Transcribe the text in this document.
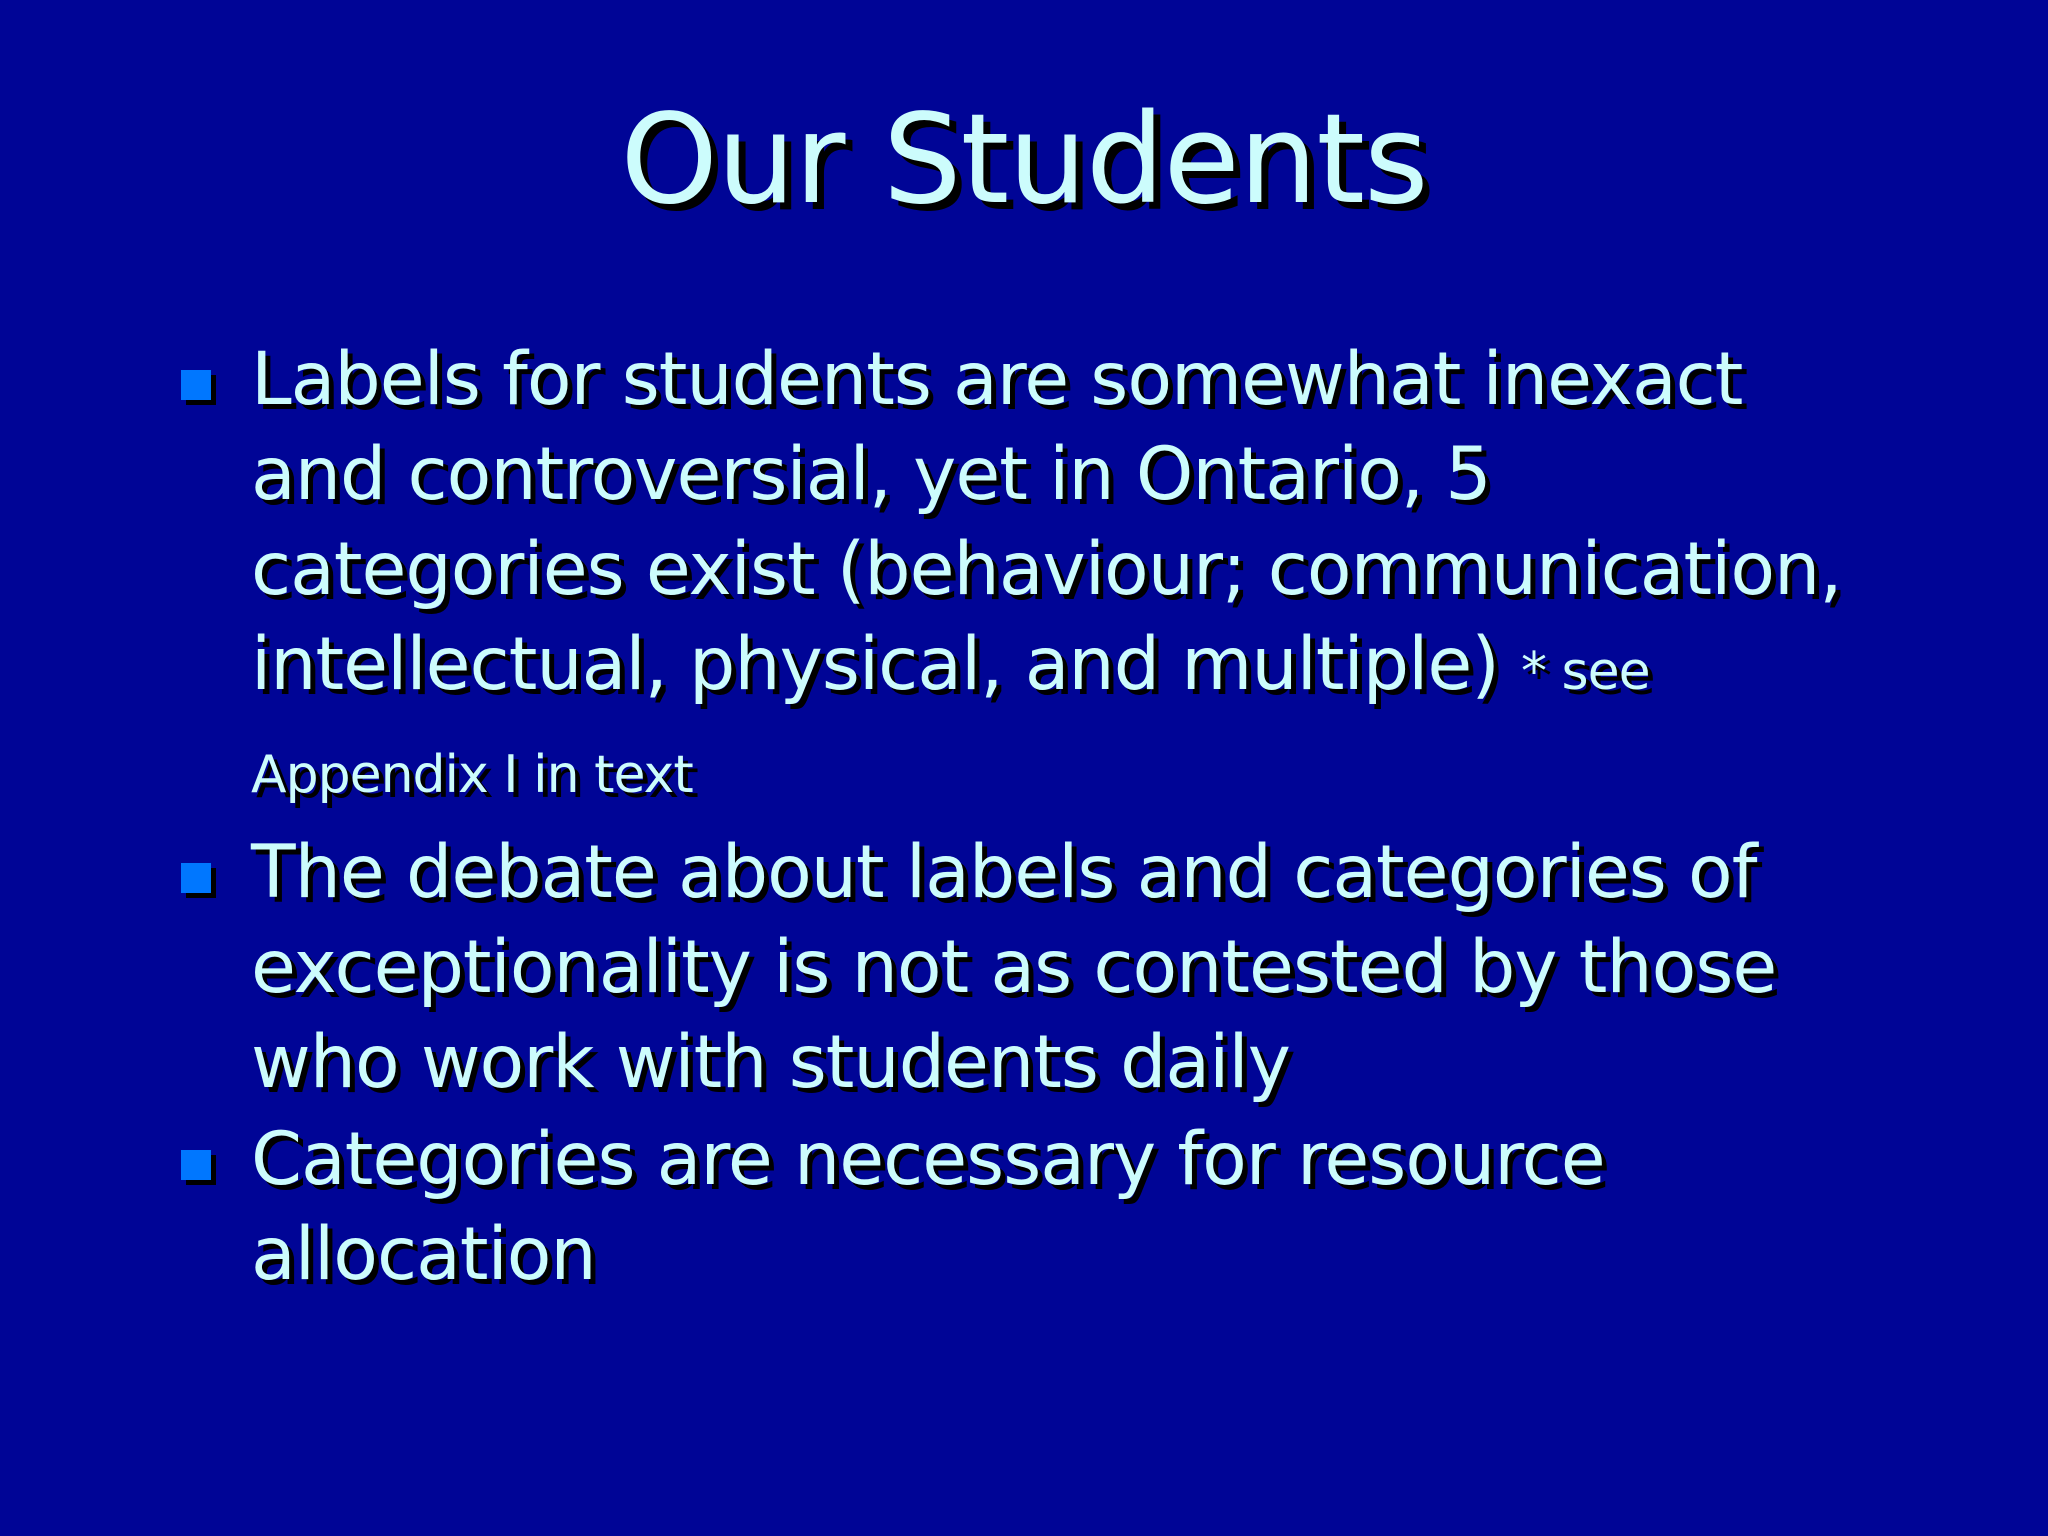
Our Students
Labels for students are somewhat inexact and controversial, yet in Ontario, 5 categories exist (behaviour; communication, intellectual, physical, and multiple) * see Appendix I in text
The debate about labels and categories of exceptionality is not as contested by those who work with students daily
Categories are necessary for resource allocation
